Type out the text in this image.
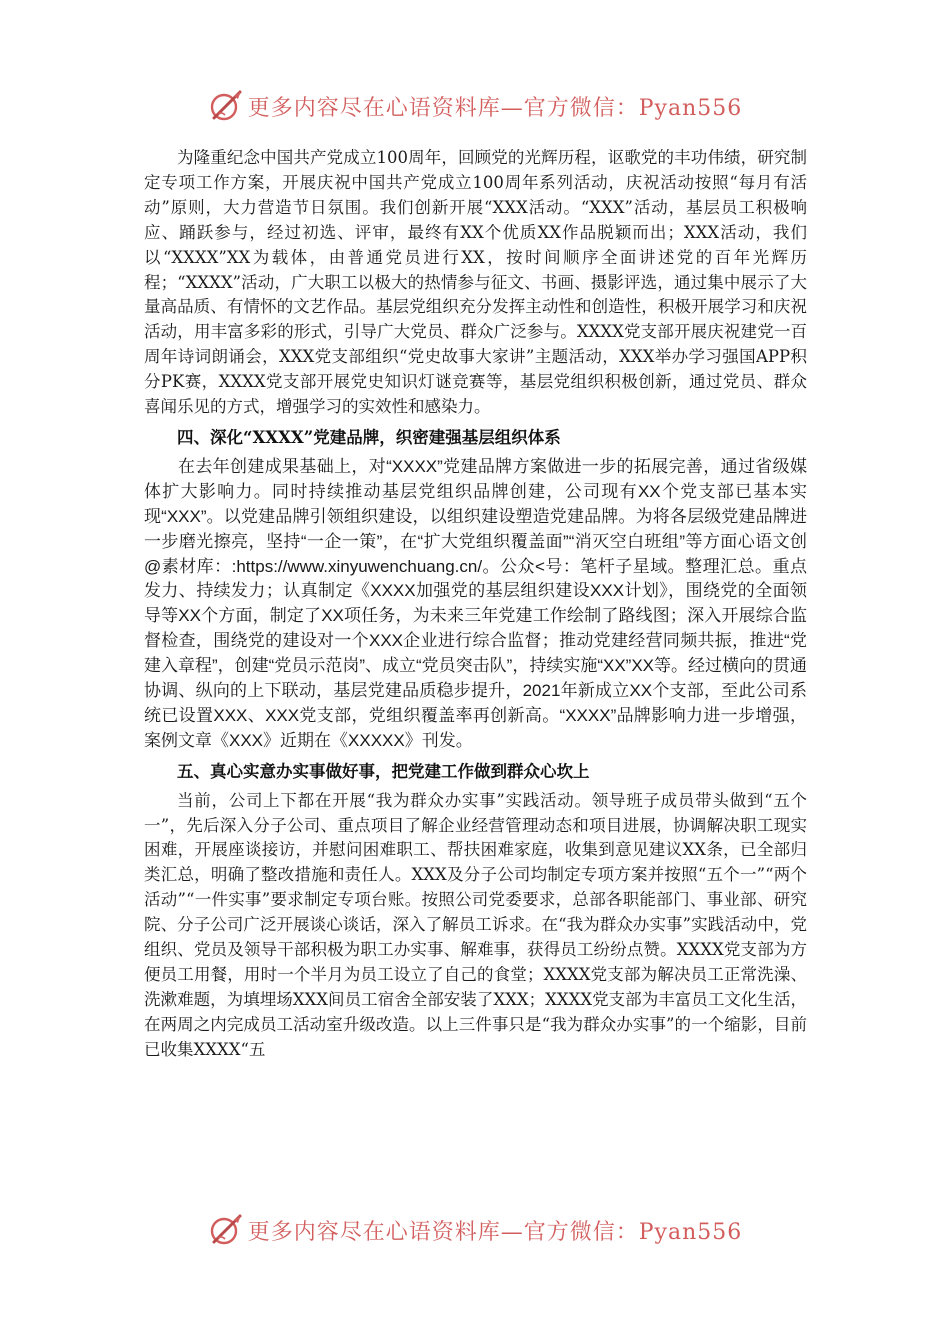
更多内容尽在心语资料库—官方微信：Pyan556

为隆重纪念中国共产党成立100周年，回顾党的光辉历程，讴歌党的丰功伟绩，研究制定专项工作方案，开展庆祝中国共产党成立100周年系列活动，庆祝活动按照“每月有活动”原则，大力营造节日氛围。我们创新开展“XXX活动。“XXX”活动，基层员工积极响应、踊跃参与，经过初选、评审，最终有XX个优质XX作品脱颖而出；XXX活动，我们以“XXXX”XX为载体，由普通党员进行XX，按时间顺序全面讲述党的百年光辉历程；“XXXX”活动，广大职工以极大的热情参与征文、书画、摄影评选，通过集中展示了大量高品质、有情怀的文艺作品。基层党组织充分发挥主动性和创造性，积极开展学习和庆祝活动，用丰富多彩的形式，引导广大党员、群众广泛参与。XXXX党支部开展庆祝建党一百周年诗词朗诵会，XXX党支部组织“党史故事大家讲”主题活动，XXX举办学习强国APP积分PK赛，XXXX党支部开展党史知识灯谜竞赛等，基层党组织积极创新，通过党员、群众喜闻乐见的方式，增强学习的实效性和感染力。

四、深化“XXXX”党建品牌，织密建强基层组织体系

在去年创建成果基础上，对“XXXX”党建品牌方案做进一步的拓展完善，通过省级媒体扩大影响力。同时持续推动基层党组织品牌创建，公司现有XX个党支部已基本实现“XXX”。以党建品牌引领组织建设，以组织建设塑造党建品牌。为将各层级党建品牌进一步磨光擦亮，坚持“一企一策”，在“扩大党组织覆盖面”“消灭空白班组”等方面心语文创@素材库：:https://www.xinyuwenchuang.cn/。公众<号：笔杆子星域。整理汇总。重点发力、持续发力；认真制定《XXXX加强党的基层组织建设XXX计划》，围绕党的全面领导等XX个方面，制定了XX项任务，为未来三年党建工作绘制了路线图；深入开展综合监督检查，围绕党的建设对一个XXX企业进行综合监督；推动党建经营同频共振，推进“党建入章程”，创建“党员示范岗”、成立“党员突击队”，持续实施“XX”XX等。经过横向的贯通协调、纵向的上下联动，基层党建品质稳步提升，2021年新成立XX个支部，至此公司系统已设置XXX、XXX党支部，党组织覆盖率再创新高。“XXXX”品牌影响力进一步增强，案例文章《XXX》近期在《XXXXX》刊发。

五、真心实意办实事做好事，把党建工作做到群众心坎上

当前，公司上下都在开展“我为群众办实事”实践活动。领导班子成员带头做到“五个一”，先后深入分子公司、重点项目了解企业经营管理动态和项目进展，协调解决职工现实困难，开展座谈接访，并慰问困难职工、帮扶困难家庭，收集到意见建议XX条，已全部归类汇总，明确了整改措施和责任人。XXX及分子公司均制定专项方案并按照“五个一”“两个活动”“一件实事”要求制定专项台账。按照公司党委要求，总部各职能部门、事业部、研究院、分子公司广泛开展谈心谈话，深入了解员工诉求。在“我为群众办实事”实践活动中，党组织、党员及领导干部积极为职工办实事、解难事，获得员工纷纷点赞。XXXX党支部为方便员工用餐，用时一个半月为员工设立了自己的食堂；XXXX党支部为解决员工正常洗澡、洗漱难题，为填埋场XXX间员工宿舍全部安装了XXX；XXXX党支部为丰富员工文化生活，在两周之内完成员工活动室升级改造。以上三件事只是“我为群众办实事”的一个缩影，目前已收集XXXX“五

更多内容尽在心语资料库—官方微信：Pyan556
